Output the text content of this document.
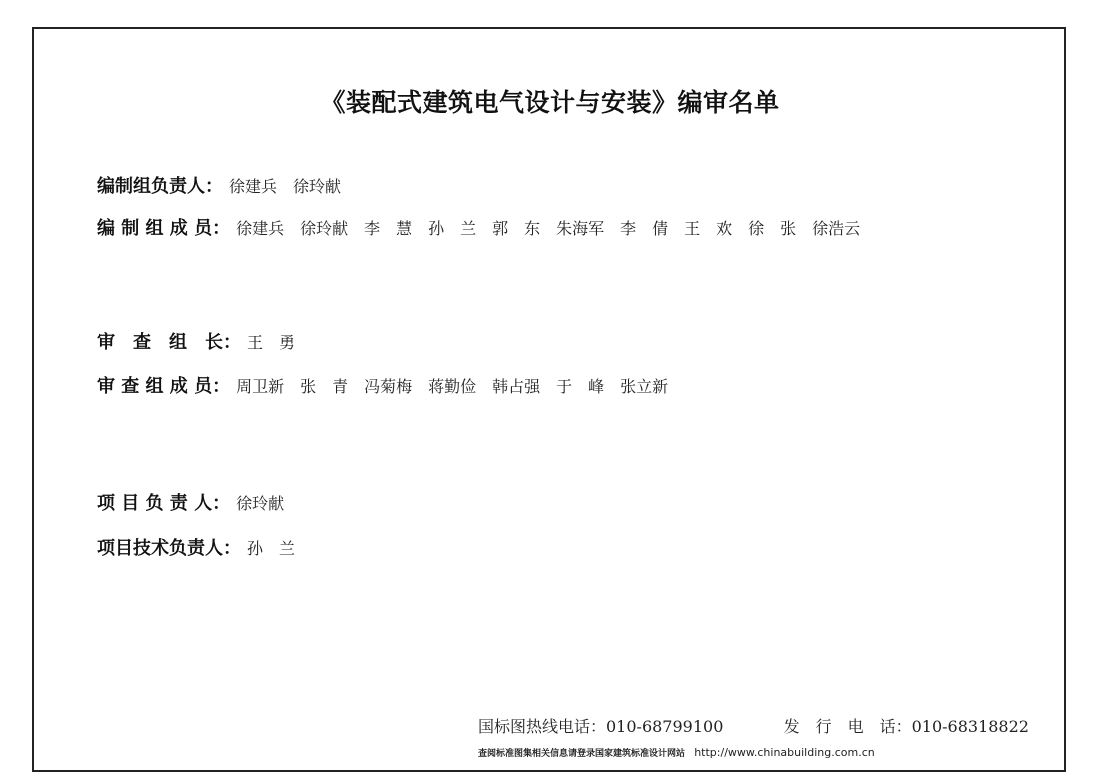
《装配式建筑电气设计与安装》编审名单
编制组负责人： 徐建兵　徐玲献
编 制 组 成 员： 徐建兵　徐玲献　李　慧　孙　兰　郭　东　朱海军　李　倩　王　欢　徐　张　徐浩云
审　查　组　长： 王　勇
审 查 组 成 员： 周卫新　张　青　冯菊梅　蒋勤俭　韩占强　于　峰　张立新
项 目 负 责 人： 徐玲献
项目技术负责人： 孙　兰
国标图热线电话：010-68799100	发　行　电　话：010-68318822
查阅标准图集相关信息请登录国家建筑标准设计网站 http://www.chinabuilding.com.cn
